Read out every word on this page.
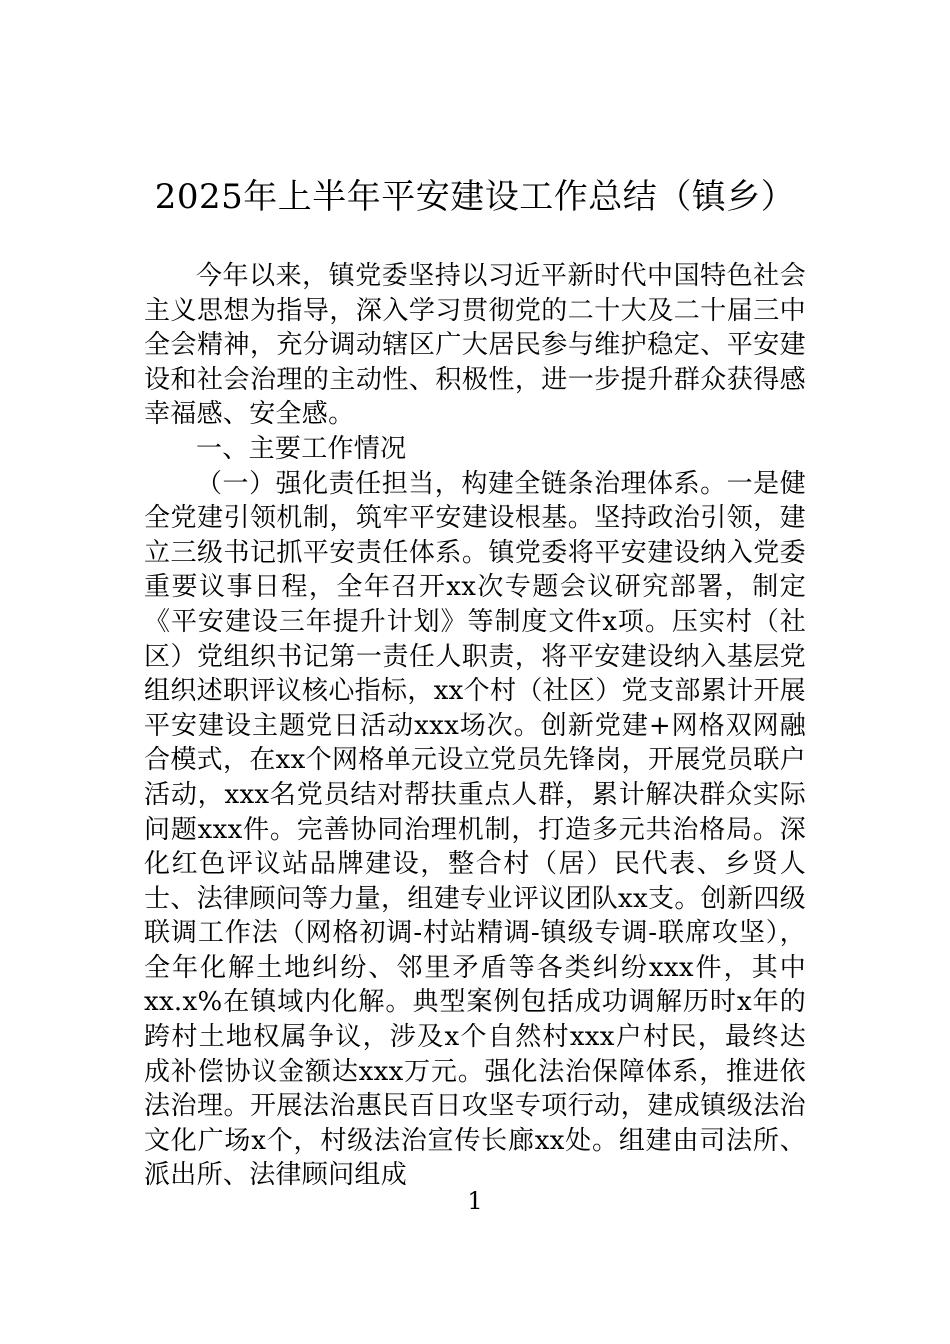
2025年上半年平安建设工作总结（镇乡）

今年以来，镇党委坚持以习近平新时代中国特色社会主义思想为指导，深入学习贯彻党的二十大及二十届三中全会精神，充分调动辖区广大居民参与维护稳定、平安建设和社会治理的主动性、积极性，进一步提升群众获得感幸福感、安全感。

一、主要工作情况

（一）强化责任担当，构建全链条治理体系。一是健全党建引领机制，筑牢平安建设根基。坚持政治引领，建立三级书记抓平安责任体系。镇党委将平安建设纳入党委重要议事日程，全年召开xx次专题会议研究部署，制定《平安建设三年提升计划》等制度文件x项。压实村（社区）党组织书记第一责任人职责，将平安建设纳入基层党组织述职评议核心指标，xx个村（社区）党支部累计开展平安建设主题党日活动xxx场次。创新党建+网格双网融合模式，在xx个网格单元设立党员先锋岗，开展党员联户活动，xxx名党员结对帮扶重点人群，累计解决群众实际问题xxx件。完善协同治理机制，打造多元共治格局。深化红色评议站品牌建设，整合村（居）民代表、乡贤人士、法律顾问等力量，组建专业评议团队xx支。创新四级联调工作法（网格初调-村站精调-镇级专调-联席攻坚），全年化解土地纠纷、邻里矛盾等各类纠纷xxx件，其中xx.x%在镇域内化解。典型案例包括成功调解历时x年的跨村土地权属争议，涉及x个自然村xxx户村民，最终达成补偿协议金额达xxx万元。强化法治保障体系，推进依法治理。开展法治惠民百日攻坚专项行动，建成镇级法治文化广场x个，村级法治宣传长廊xx处。组建由司法所、派出所、法律顾问组成

1
